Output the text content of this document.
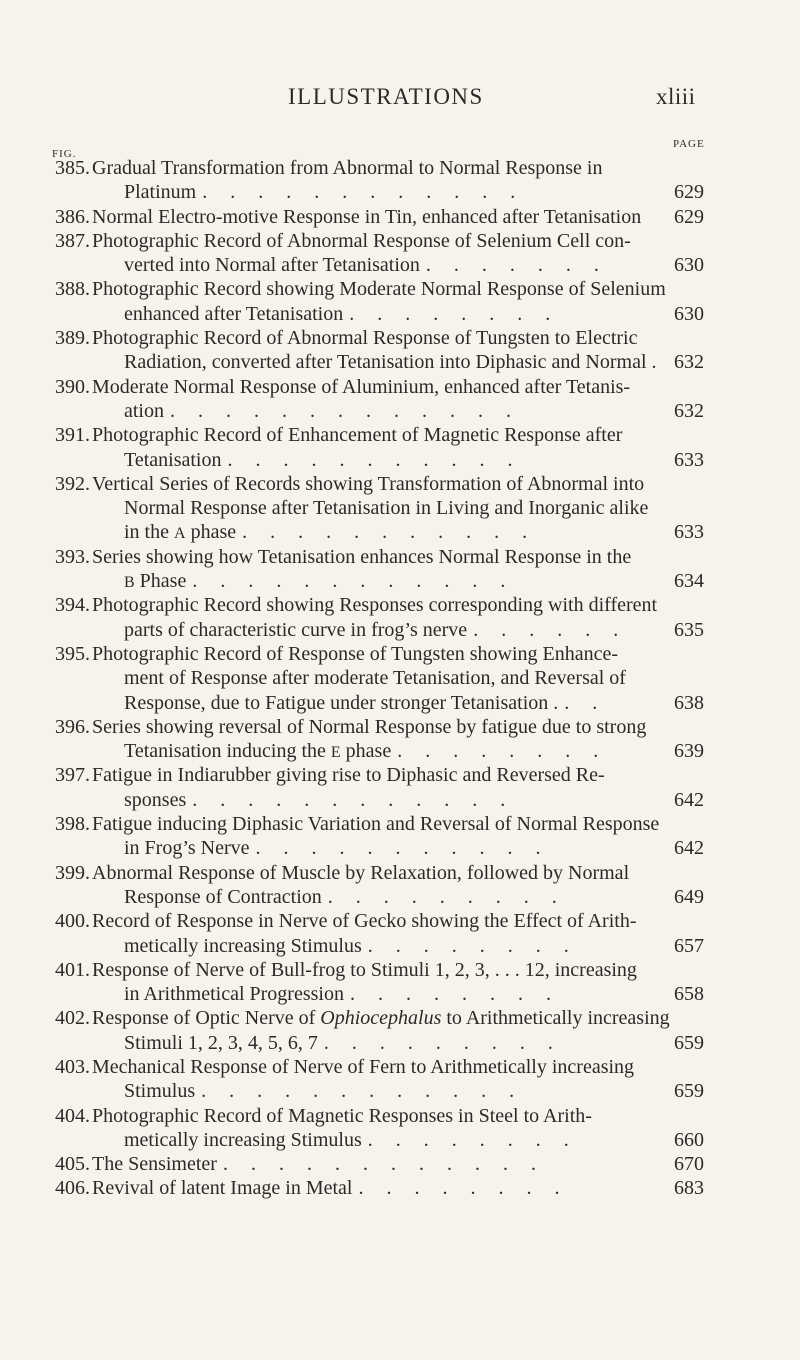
ILLUSTRATIONS	xliii
FIG.
PAGE
385. Gradual Transformation from Abnormal to Normal Response in
Platinum . . . . . . . . . . . .	629
386. Normal Electro-motive Response in Tin, enhanced after Tetanisation 629
387. Photographic Record of Abnormal Response of Selenium Cell con-
verted into Normal after Tetanisation . . . . . . .	630
388. Photographic Record showing Moderate Normal Response of Selenium
enhanced after Tetanisation . . . . . . . .	630
389. Photographic Record of Abnormal Response of Tungsten to Electric
Radiation, converted after Tetanisation into Diphasic and Normal . 632
390. Moderate Normal Response of Aluminium, enhanced after Tetanis-
ation . . . . . . . . . . . . .	632
391. Photographic Record of Enhancement of Magnetic Response after
Tetanisation . . . . . . . . . . .	633
392. Vertical Series of Records showing Transformation of Abnormal into
Normal Response after Tetanisation in Living and Inorganic alike
in the A phase . . . . . . . . . . .	633
393. Series showing how Tetanisation enhances Normal Response in the
B Phase . . . . . . . . . . . .	634
394. Photographic Record showing Responses corresponding with different
parts of characteristic curve in frog’s nerve . . . . . . 635
395. Photographic Record of Response of Tungsten showing Enhance-
ment of Response after moderate Tetanisation, and Reversal of
Response, due to Fatigue under stronger Tetanisation . . .	638
396. Series showing reversal of Normal Response by fatigue due to strong
Tetanisation inducing the E phase . . . . . . . .	639
397. Fatigue in Indiarubber giving rise to Diphasic and Reversed Re-
sponses . . . . . . . . . . . .	642
398. Fatigue inducing Diphasic Variation and Reversal of Normal Response
in Frog’s Nerve . . . . . . . . . . .	642
399. Abnormal Response of Muscle by Relaxation, followed by Normal
Response of Contraction . . . . . . . . .	649
400. Record of Response in Nerve of Gecko showing the Effect of Arith-
metically increasing Stimulus . . . . . . . .	657
401. Response of Nerve of Bull-frog to Stimuli 1, 2, 3, . . . 12, increasing
in Arithmetical Progression . . . . . . . .	658
402. Response of Optic Nerve of Ophiocephalus to Arithmetically increasing
Stimuli 1, 2, 3, 4, 5, 6, 7 . . . . . . . . .	659
403. Mechanical Response of Nerve of Fern to Arithmetically increasing
Stimulus . . . . . . . . . . . .	659
404. Photographic Record of Magnetic Responses in Steel to Arith-
metically increasing Stimulus . . . . . . . .	660
405. The Sensimeter . . . . . . . . . . . .	670
406. Revival of latent Image in Metal . . . . . . . .	683
